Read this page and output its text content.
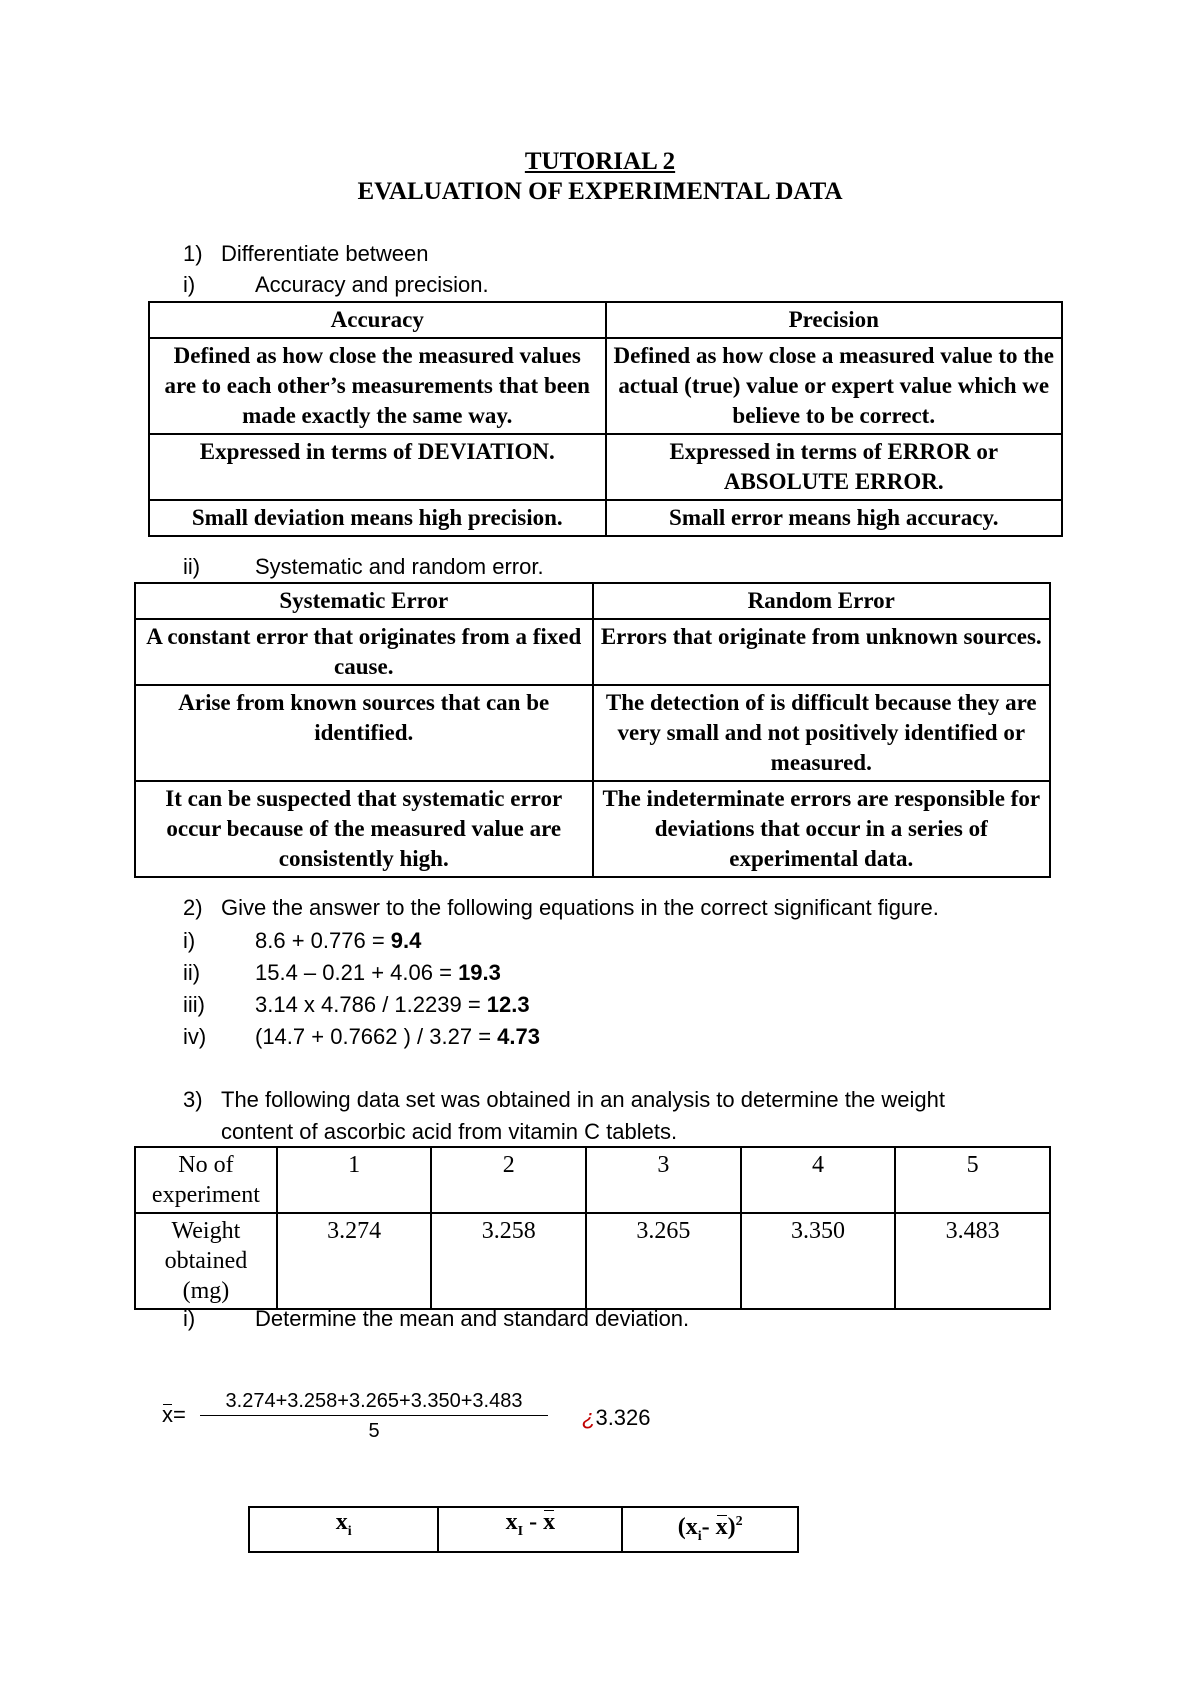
TUTORIAL 2
EVALUATION OF EXPERIMENTAL DATA
1) Differentiate between
i)	Accuracy and precision.
Accuracy	Precision
Defined as how close the measured values are to each other’s measurements that been made exactly the same way.	Defined as how close a measured value to the actual (true) value or expert value which we believe to be correct.
Expressed in terms of DEVIATION.	Expressed in terms of ERROR or ABSOLUTE ERROR.
Small deviation means high precision.	Small error means high accuracy.
ii) Systematic and random error.
Systematic Error	Random Error
A constant error that originates from a fixed cause.	Errors that originate from unknown sources.
Arise from known sources that can be identified.	The detection of is difficult because they are very small and not positively identified or measured.
It can be suspected that systematic error occur because of the measured value are consistently high.	The indeterminate errors are responsible for deviations that occur in a series of experimental data.
2) Give the answer to the following equations in the correct significant figure.
i)	8.6 + 0.776 = 9.4
ii) 15.4 – 0.21 + 4.06 = 19.3
iii) 3.14 x 4.786 / 1.2239 = 12.3
iv) (14.7 + 0.7662 ) / 3.27 = 4.73
3) The following data set was obtained in an analysis to determine the weight
content of ascorbic acid from vitamin C tablets.
No of experiment	1	2	3	4	5
Weight obtained (mg)	3.274	3.258	3.265	3.350	3.483
i)	Determine the mean and standard deviation.
x=
3.274+3.258+3.265+3.350+3.483
5
¿3.326
$x_i$	$x_I$ - x	($x_i-$ x)$^2$
